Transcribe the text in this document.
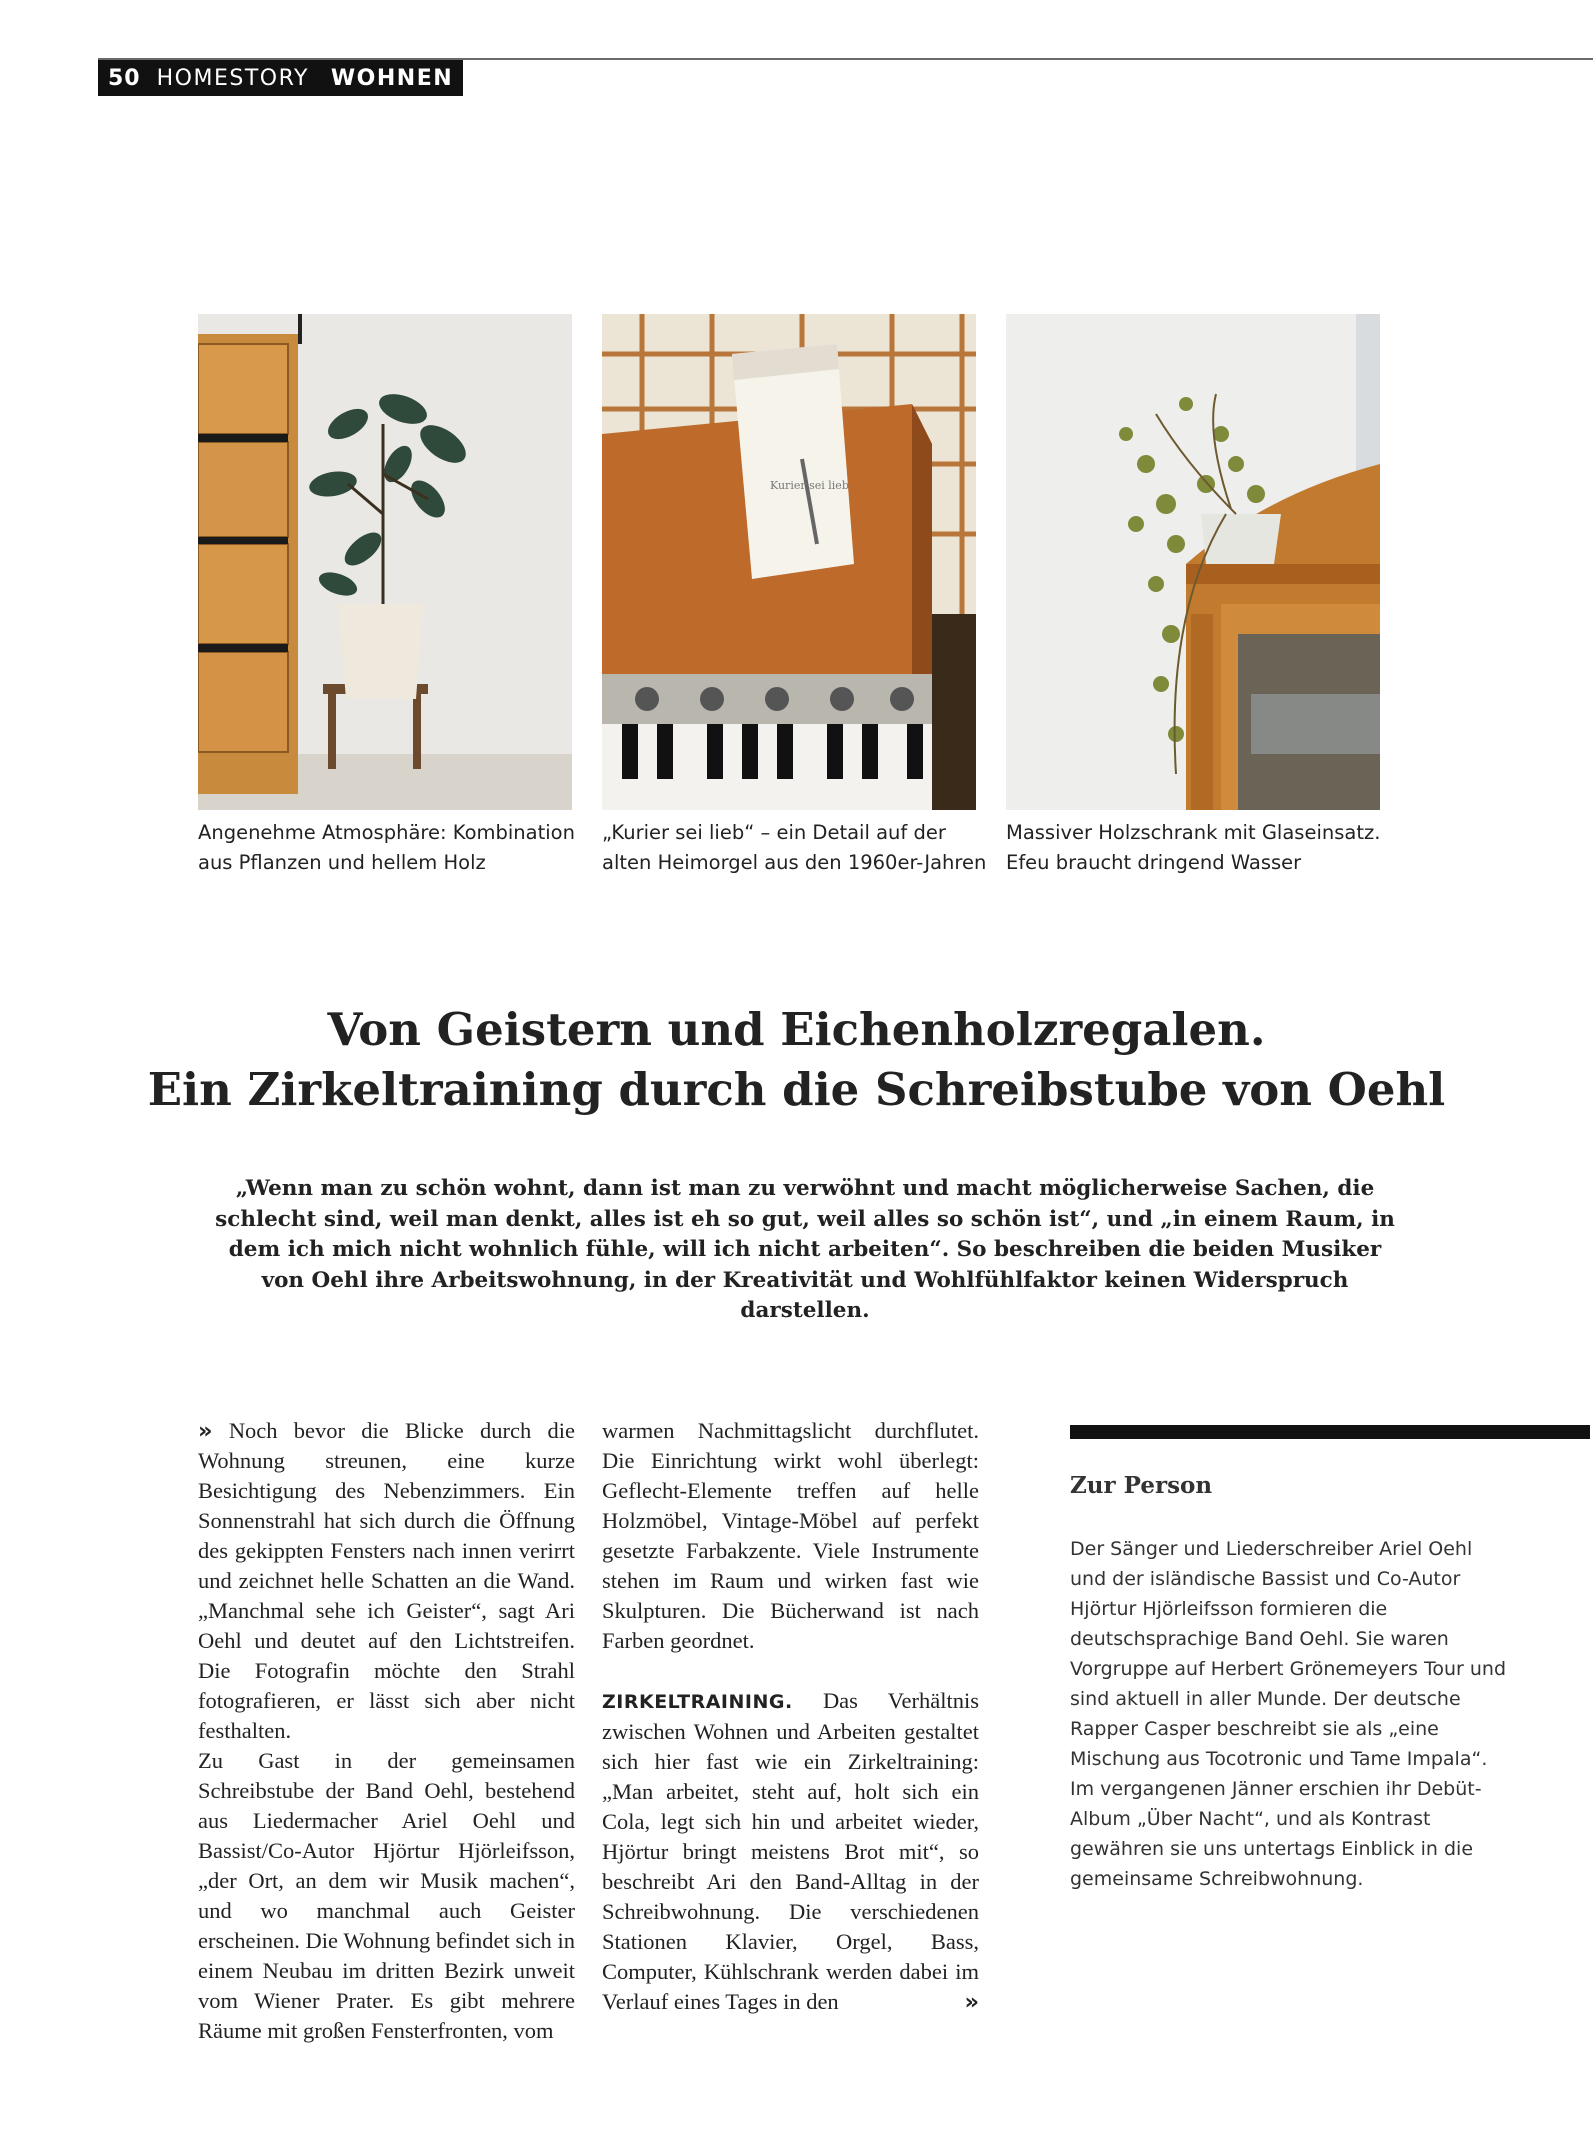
50 HOMESTORY WOHNEN
Kurier sei lieb
Angenehme Atmosphäre: Kombination aus Pflanzen und hellem Holz
„Kurier sei lieb“ – ein Detail auf der alten Heimorgel aus den 1960er-Jahren
Massiver Holzschrank mit Glaseinsatz. Efeu braucht dringend Wasser
Von Geistern und Eichenholzregalen.
Ein Zirkeltraining durch die Schreibstube von Oehl
„Wenn man zu schön wohnt, dann ist man zu verwöhnt und macht möglicherweise Sachen, die schlecht sind, weil man denkt, alles ist eh so gut, weil alles so schön ist“, und „in einem Raum, in dem ich mich nicht wohnlich fühle, will ich nicht arbeiten“. So beschreiben die beiden Musiker von Oehl ihre Arbeitswohnung, in der Kreativität und Wohlfühlfaktor keinen Widerspruch darstellen.

» Noch bevor die Blicke durch die Wohnung streunen, eine kurze Besichtigung des Nebenzimmers. Ein Sonnenstrahl hat sich durch die Öffnung des gekippten Fensters nach innen verirrt und zeichnet helle Schatten an die Wand. „Manchmal sehe ich Geister“, sagt Ari Oehl und deutet auf den Lichtstreifen. Die Fotografin möchte den Strahl fotografieren, er lässt sich aber nicht festhalten.

Zu Gast in der gemeinsamen Schreibstube der Band Oehl, bestehend aus Liedermacher Ariel Oehl und Bassist/Co-Autor Hjörtur Hjörleifsson, „der Ort, an dem wir Musik machen“, und wo manchmal auch Geister erscheinen. Die Wohnung befindet sich in einem Neubau im dritten Bezirk unweit vom Wiener Prater. Es gibt mehrere Räume mit großen Fensterfronten, vom

warmen Nachmittagslicht durchflutet. Die Einrichtung wirkt wohl überlegt: Geflecht-Elemente treffen auf helle Holzmöbel, Vintage-Möbel auf perfekt gesetzte Farbakzente. Viele Instrumente stehen im Raum und wirken fast wie Skulpturen. Die Bücherwand ist nach Farben geordnet.

ZIRKELTRAINING. Das Verhältnis zwischen Wohnen und Arbeiten gestaltet sich hier fast wie ein Zirkeltraining: „Man arbeitet, steht auf, holt sich ein Cola, legt sich hin und arbeitet wieder, Hjörtur bringt meistens Brot mit“, so beschreibt Ari den Band-Alltag in der Schreibwohnung. Die verschiedenen Stationen Klavier, Orgel, Bass, Computer, Kühlschrank werden dabei im Verlauf eines Tages in den	»

Zur Person
Der Sänger und Liederschreiber Ariel Oehl und der isländische Bassist und Co-Autor Hjörtur Hjörleifsson formieren die deutschsprachige Band Oehl. Sie waren Vorgruppe auf Herbert Grönemeyers Tour und sind aktuell in aller Munde. Der deutsche Rapper Casper beschreibt sie als „eine Mischung aus Tocotronic und Tame Impala“. Im vergangenen Jänner erschien ihr Debüt-Album „Über Nacht“, und als Kontrast gewähren sie uns untertags Einblick in die gemeinsame Schreibwohnung.
